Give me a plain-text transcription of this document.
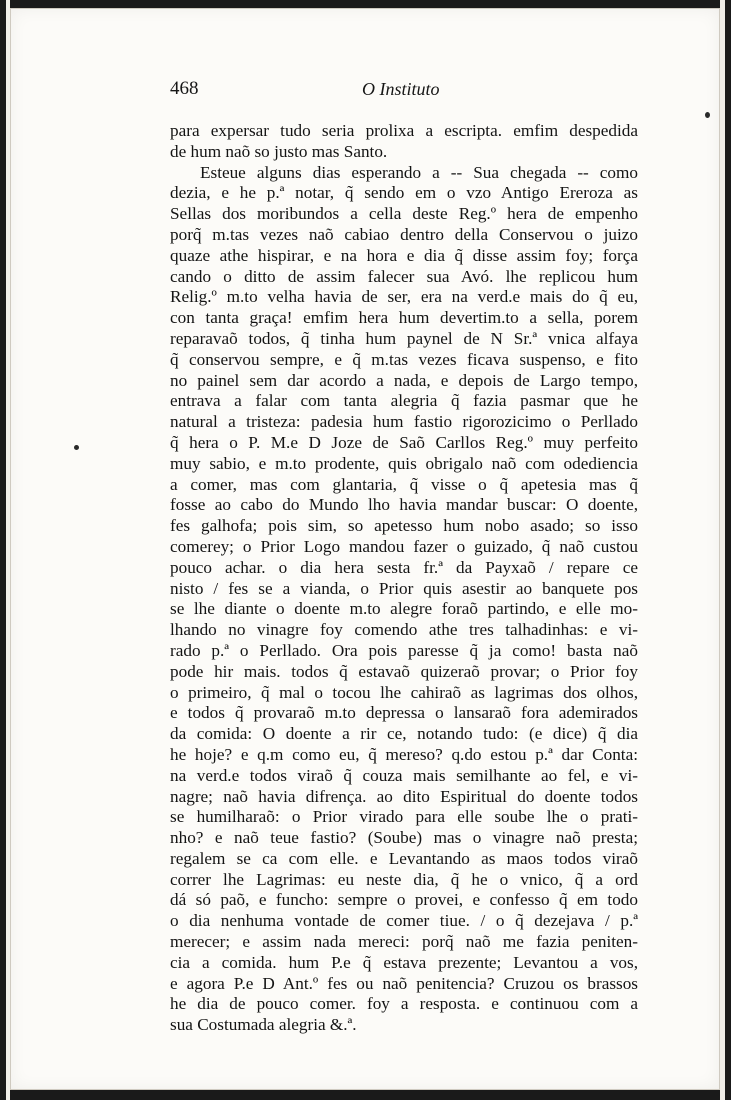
468	O Instituto
para expersar tudo seria prolixa a escripta. emfim despedida
de hum naõ so justo mas Santo.
Esteue alguns dias esperando a -- Sua chegada -- como
dezia, e he p.ª notar, q̃ sendo em o vzo Antigo Ereroza as
Sellas dos moribundos a cella deste Reg.º hera de empenho
porq̃ m.tas vezes naõ cabiao dentro della Conservou o juizo
quaze athe hispirar, e na hora e dia q̃ disse assim foy; força
cando o ditto de assim falecer sua Avó. lhe replicou hum
Relig.º m.to velha havia de ser, era na verd.e mais do q̃ eu,
con tanta graça! emfim hera hum devertim.to a sella, porem
reparavaõ todos, q̃ tinha hum paynel de N Sr.ª vnica alfaya
q̃ conservou sempre, e q̃ m.tas vezes ficava suspenso, e fito
no painel sem dar acordo a nada, e depois de Largo tempo,
entrava a falar com tanta alegria q̃ fazia pasmar que he
natural a tristeza: padesia hum fastio rigorozicimo o Perllado
q̃ hera o P. M.e D Joze de Saõ Carllos Reg.º muy perfeito
muy sabio, e m.to prodente, quis obrigalo naõ com odediencia
a comer, mas com glantaria, q̃ visse o q̃ apetesia mas q̃
fosse ao cabo do Mundo lho havia mandar buscar: O doente,
fes galhofa; pois sim, so apetesso hum nobo asado; so isso
comerey; o Prior Logo mandou fazer o guizado, q̃ naõ custou
pouco achar. o dia hera sesta fr.ª da Payxaõ / repare ce
nisto / fes se a vianda, o Prior quis asestir ao banquete pos
se lhe diante o doente m.to alegre foraõ partindo, e elle mo-
lhando no vinagre foy comendo athe tres talhadinhas: e vi-
rado p.ª o Perllado. Ora pois paresse q̃ ja como! basta naõ
pode hir mais. todos q̃ estavaõ quizeraõ provar; o Prior foy
o primeiro, q̃ mal o tocou lhe cahiraõ as lagrimas dos olhos,
e todos q̃ provaraõ m.to depressa o lansaraõ fora ademirados
da comida: O doente a rir ce, notando tudo: (e dice) q̃ dia
he hoje? e q.m como eu, q̃ mereso? q.do estou p.ª dar Conta:
na verd.e todos viraõ q̃ couza mais semilhante ao fel, e vi-
nagre; naõ havia difrença. ao dito Espiritual do doente todos
se humilharaõ: o Prior virado para elle soube lhe o prati-
nho? e naõ teue fastio? (Soube) mas o vinagre naõ presta;
regalem se ca com elle. e Levantando as maos todos viraõ
correr lhe Lagrimas: eu neste dia, q̃ he o vnico, q̃ a ord
dá só paõ, e funcho: sempre o provei, e confesso q̃ em todo
o dia nenhuma vontade de comer tiue. / o q̃ dezejava / p.ª
merecer; e assim nada mereci: porq̃ naõ me fazia peniten-
cia a comida. hum P.e q̃ estava prezente; Levantou a vos,
e agora P.e D Ant.º fes ou naõ penitencia? Cruzou os brassos
he dia de pouco comer. foy a resposta. e continuou com a
sua Costumada alegria &.ª.
